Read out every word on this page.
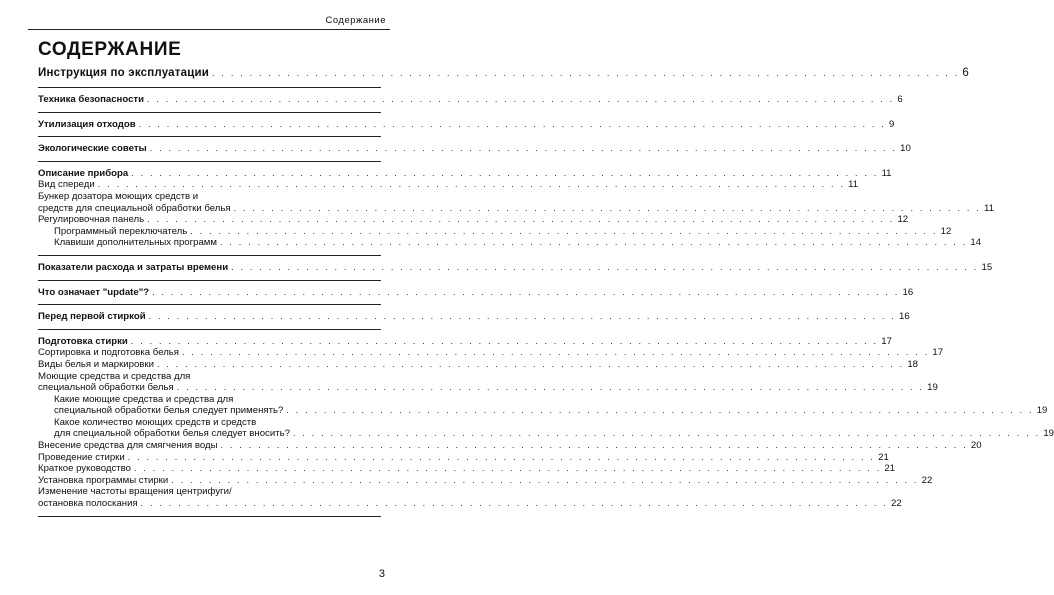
Содержание
СОДЕРЖАНИЕ
Инструкция по эксплуатации . . . . . . . . . . . . . . . . . . . . . . . . . . . . . . . . . . . . . . . . . . . . . . . . . . . . . . . . . . . . . . . . . . . . . . . . . . . . . . . . 6
Техника безопасности . . . . . . . . . . . . . . . . . . . . . . . . . . . . . . . . . . . . . . . . . . . . . . . . . . . . . . . . . . . . . . . . . . . . . . . . . . . . . . . . 6
Утилизация отходов . . . . . . . . . . . . . . . . . . . . . . . . . . . . . . . . . . . . . . . . . . . . . . . . . . . . . . . . . . . . . . . . . . . . . . . . . . . . . . . . 9
Экологические советы . . . . . . . . . . . . . . . . . . . . . . . . . . . . . . . . . . . . . . . . . . . . . . . . . . . . . . . . . . . . . . . . . . . . . . . . . . . . . . . . 10
Описание прибора . . . . . . . . . . . . . . . . . . . . . . . . . . . . . . . . . . . . . . . . . . . . . . . . . . . . . . . . . . . . . . . . . . . . . . . . . . . . . . . . 11
Вид спереди . . . . . . . . . . . . . . . . . . . . . . . . . . . . . . . . . . . . . . . . . . . . . . . . . . . . . . . . . . . . . . . . . . . . . . . . . . . . . . . . 11
Бункер дозатора моющих средств и
средств для специальной обработки белья . . . . . . . . . . . . . . . . . . . . . . . . . . . . . . . . . . . . . . . . . . . . . . . . . . . . . . . . . . . . . . . . . . . . . . . . . . . . . . . . 11
Регулировочная панель . . . . . . . . . . . . . . . . . . . . . . . . . . . . . . . . . . . . . . . . . . . . . . . . . . . . . . . . . . . . . . . . . . . . . . . . . . . . . . . . 12
Программный переключатель . . . . . . . . . . . . . . . . . . . . . . . . . . . . . . . . . . . . . . . . . . . . . . . . . . . . . . . . . . . . . . . . . . . . . . . . . . . . . . . . 12
Клавиши дополнительных программ . . . . . . . . . . . . . . . . . . . . . . . . . . . . . . . . . . . . . . . . . . . . . . . . . . . . . . . . . . . . . . . . . . . . . . . . . . . . . . . . 14
Показатели расхода и затраты времени . . . . . . . . . . . . . . . . . . . . . . . . . . . . . . . . . . . . . . . . . . . . . . . . . . . . . . . . . . . . . . . . . . . . . . . . . . . . . . . . 15
Что означает "update"? . . . . . . . . . . . . . . . . . . . . . . . . . . . . . . . . . . . . . . . . . . . . . . . . . . . . . . . . . . . . . . . . . . . . . . . . . . . . . . . . 16
Перед первой стиркой . . . . . . . . . . . . . . . . . . . . . . . . . . . . . . . . . . . . . . . . . . . . . . . . . . . . . . . . . . . . . . . . . . . . . . . . . . . . . . . . 16
Подготовка стирки . . . . . . . . . . . . . . . . . . . . . . . . . . . . . . . . . . . . . . . . . . . . . . . . . . . . . . . . . . . . . . . . . . . . . . . . . . . . . . . . 17
Сортировка и подготовка белья . . . . . . . . . . . . . . . . . . . . . . . . . . . . . . . . . . . . . . . . . . . . . . . . . . . . . . . . . . . . . . . . . . . . . . . . . . . . . . . . 17
Виды белья и маркировки . . . . . . . . . . . . . . . . . . . . . . . . . . . . . . . . . . . . . . . . . . . . . . . . . . . . . . . . . . . . . . . . . . . . . . . . . . . . . . . . 18
Моющие средства и средства для
специальной обработки белья . . . . . . . . . . . . . . . . . . . . . . . . . . . . . . . . . . . . . . . . . . . . . . . . . . . . . . . . . . . . . . . . . . . . . . . . . . . . . . . . 19
Какие моющие средства и средства для
специальной обработки белья следует применять? . . . . . . . . . . . . . . . . . . . . . . . . . . . . . . . . . . . . . . . . . . . . . . . . . . . . . . . . . . . . . . . . . . . . . . . . . . . . . . . . 19
Какое количество моющих средств и средств
для специальной обработки белья следует вносить? . . . . . . . . . . . . . . . . . . . . . . . . . . . . . . . . . . . . . . . . . . . . . . . . . . . . . . . . . . . . . . . . . . . . . . . . . . . . . . . . 19
Внесение средства для смягчения воды . . . . . . . . . . . . . . . . . . . . . . . . . . . . . . . . . . . . . . . . . . . . . . . . . . . . . . . . . . . . . . . . . . . . . . . . . . . . . . . . 20
Проведение стирки . . . . . . . . . . . . . . . . . . . . . . . . . . . . . . . . . . . . . . . . . . . . . . . . . . . . . . . . . . . . . . . . . . . . . . . . . . . . . . . . 21
Краткое руководство . . . . . . . . . . . . . . . . . . . . . . . . . . . . . . . . . . . . . . . . . . . . . . . . . . . . . . . . . . . . . . . . . . . . . . . . . . . . . . . . 21
Установка программы стирки . . . . . . . . . . . . . . . . . . . . . . . . . . . . . . . . . . . . . . . . . . . . . . . . . . . . . . . . . . . . . . . . . . . . . . . . . . . . . . . . 22
Изменение частоты вращения центрифуги/
остановка полоскания . . . . . . . . . . . . . . . . . . . . . . . . . . . . . . . . . . . . . . . . . . . . . . . . . . . . . . . . . . . . . . . . . . . . . . . . . . . . . . . . 22
3
